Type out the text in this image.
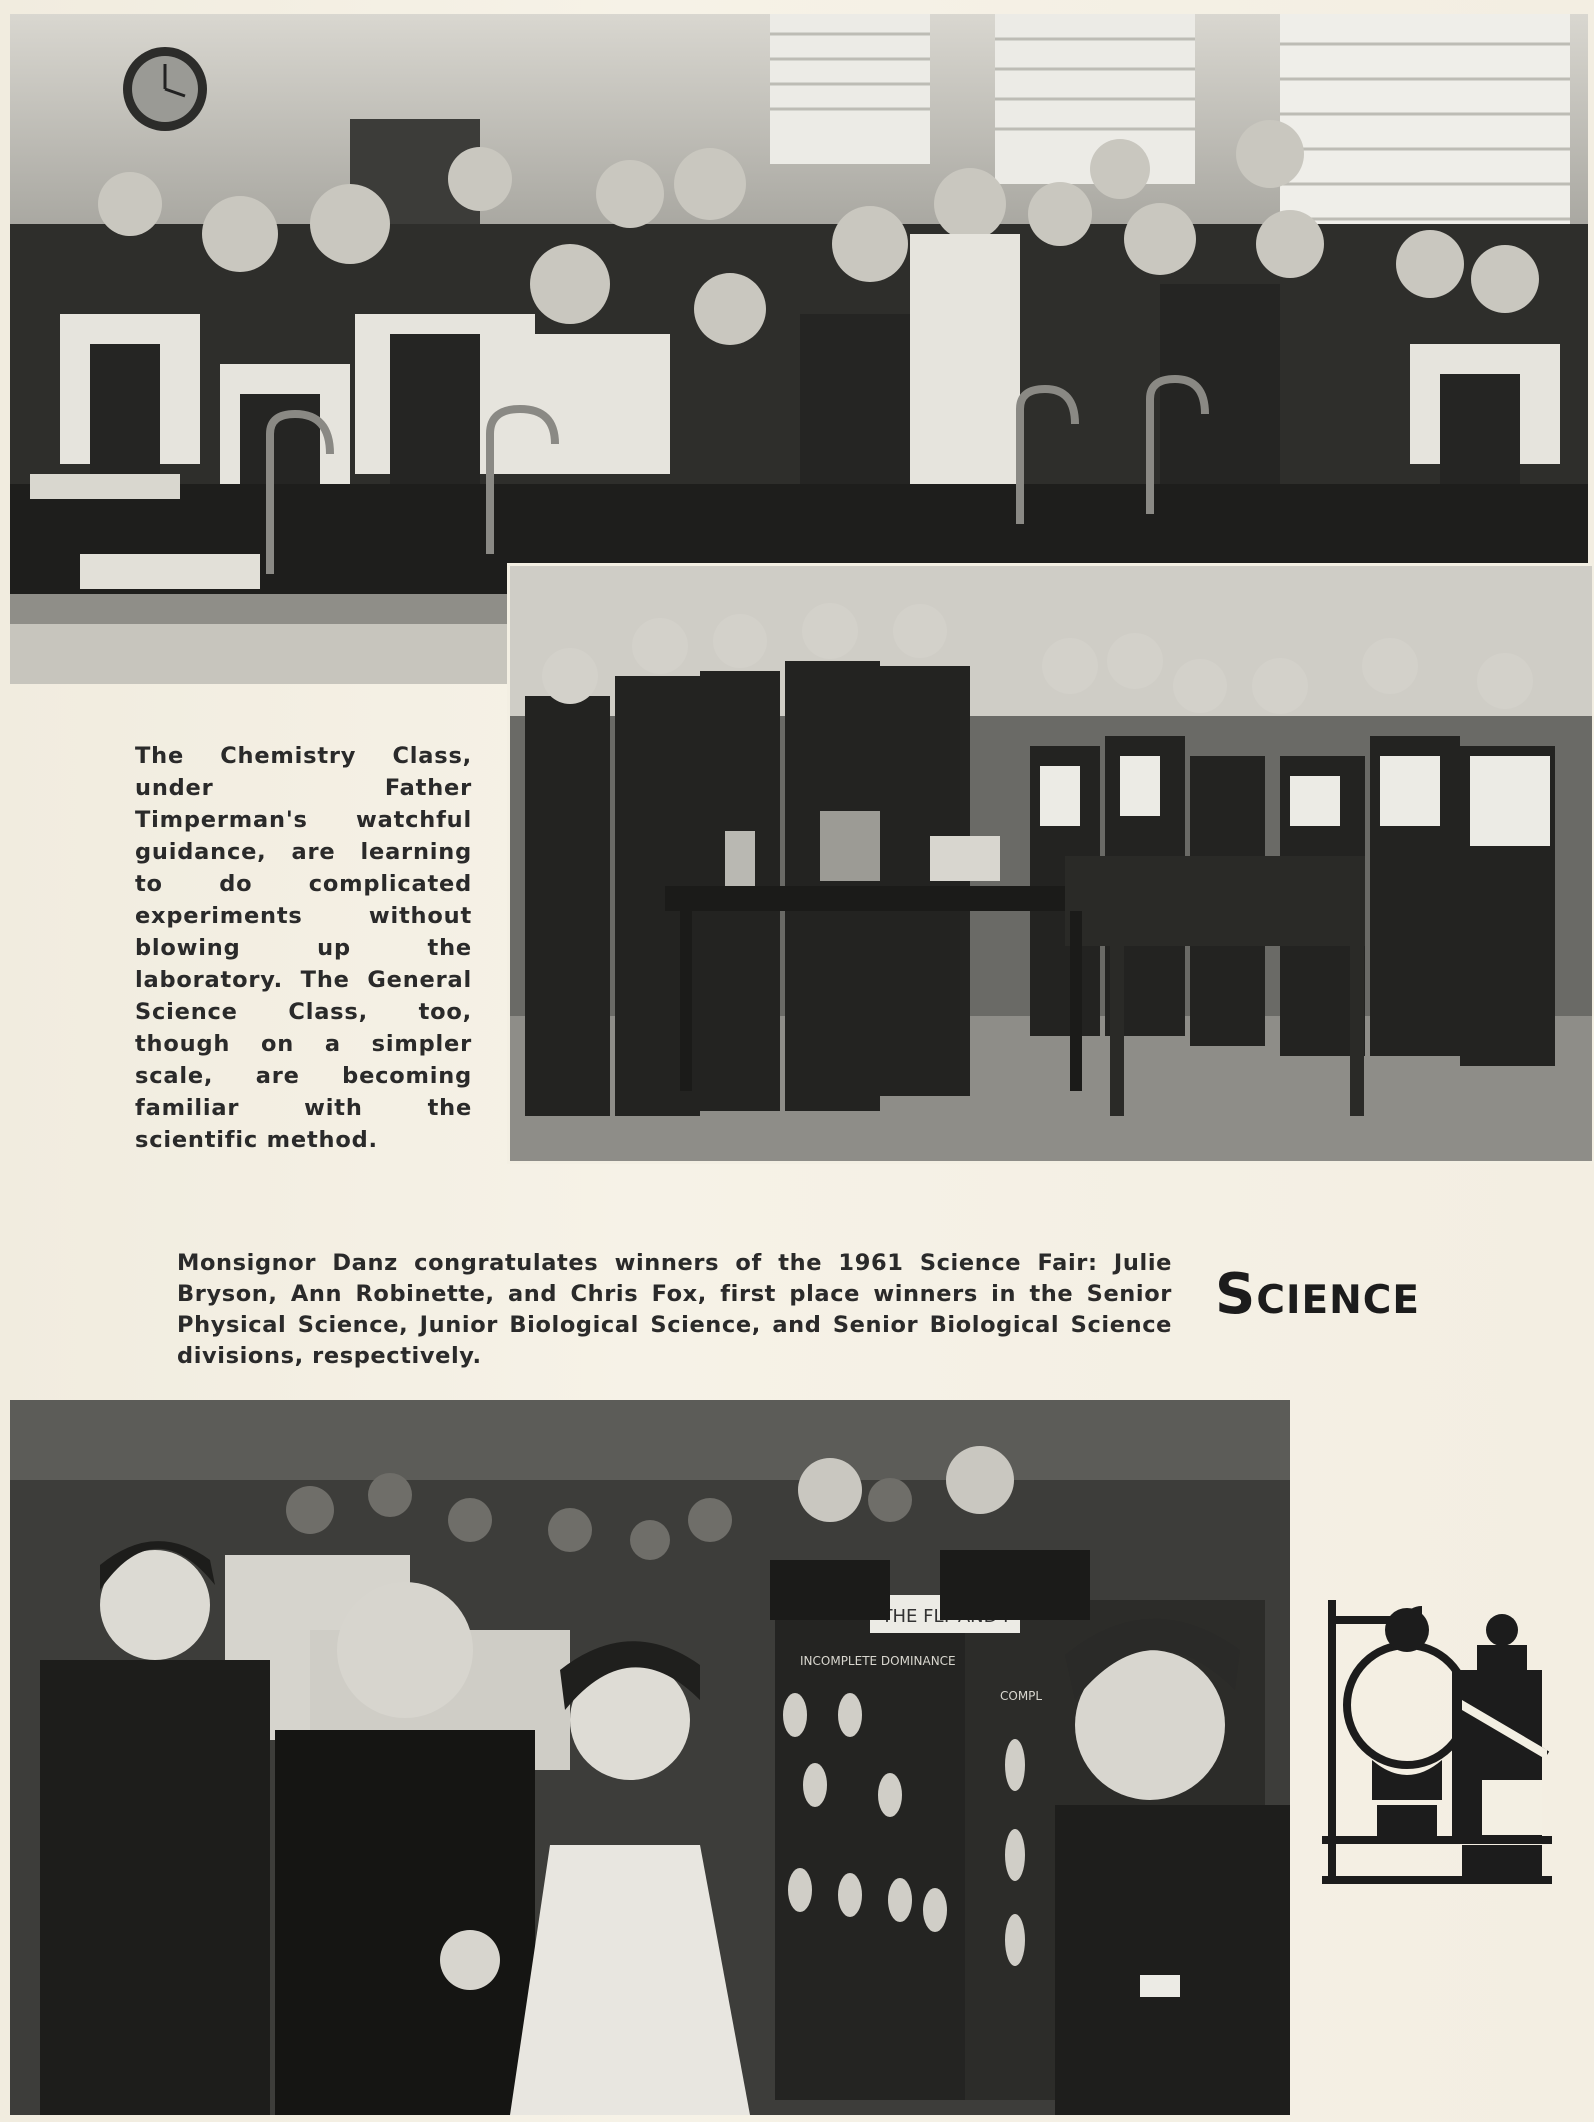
The Chemistry Class, under Father Timperman's watchful guidance, are learning to do complicated experiments without blowing up the laboratory. The General Science Class, too, though on a simpler scale, are becoming familiar with the scientific method.
Monsignor Danz congratulates winners of the 1961 Science Fair: Julie Bryson, Ann Robinette, and Chris Fox, first place winners in the Senior Physical Science, Junior Biological Science, and Senior Biological Science divisions, respectively.
Science
THE FLY
INCOMPLETE DOMINANCE
COMPL
